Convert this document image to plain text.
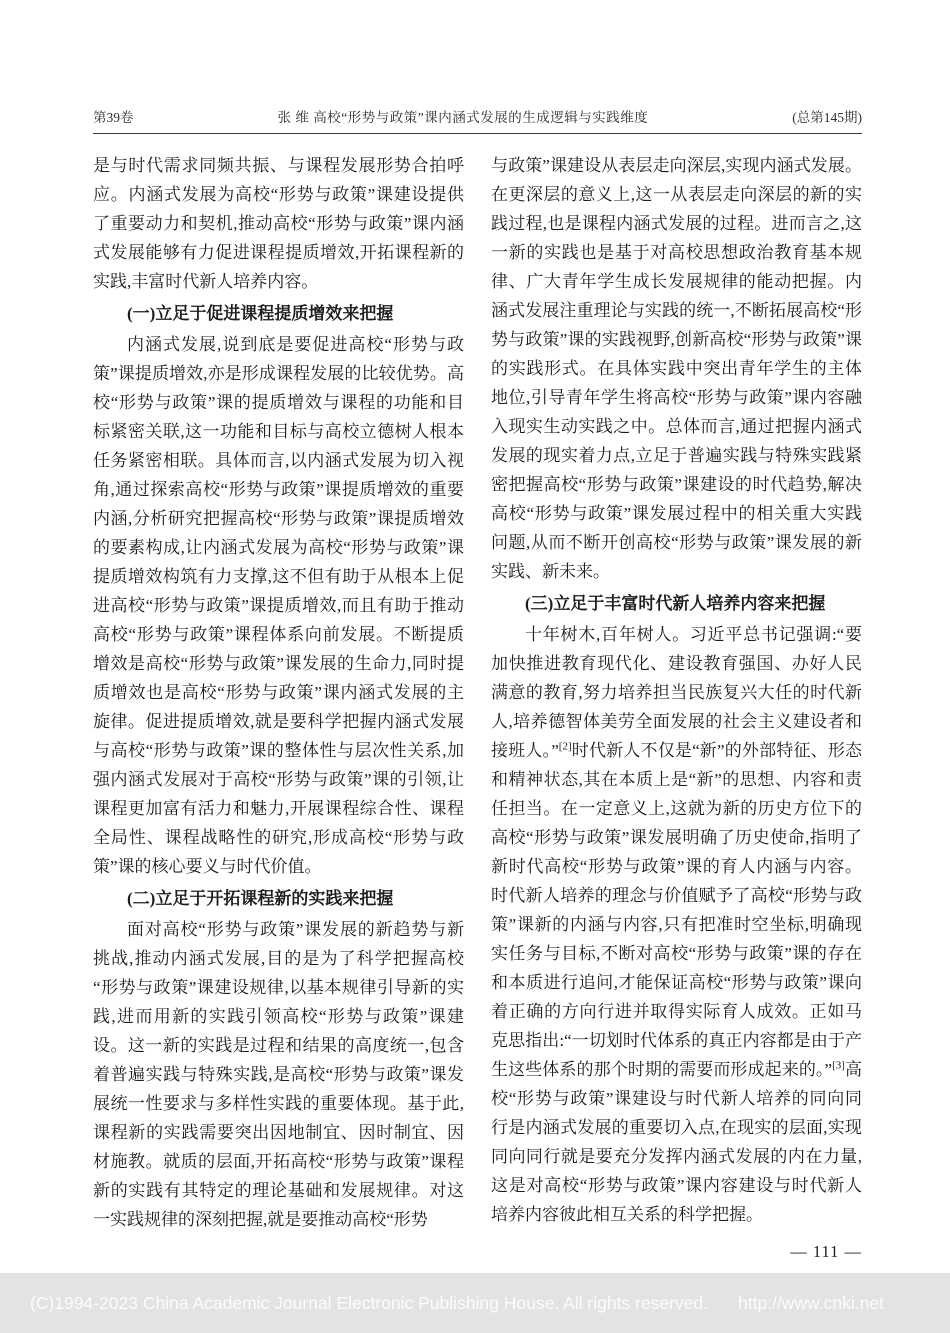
第39卷	张 维 高校“形势与政策”课内涵式发展的生成逻辑与实践维度	(总第145期)

是与时代需求同频共振、与课程发展形势合拍呼应。内涵式发展为高校“形势与政策”课建设提供了重要动力和契机,推动高校“形势与政策”课内涵式发展能够有力促进课程提质增效,开拓课程新的实践,丰富时代新人培养内容。

(一)立足于促进课程提质增效来把握

内涵式发展,说到底是要促进高校“形势与政策”课提质增效,亦是形成课程发展的比较优势。高校“形势与政策”课的提质增效与课程的功能和目标紧密关联,这一功能和目标与高校立德树人根本任务紧密相联。具体而言,以内涵式发展为切入视角,通过探索高校“形势与政策”课提质增效的重要内涵,分析研究把握高校“形势与政策”课提质增效的要素构成,让内涵式发展为高校“形势与政策”课提质增效构筑有力支撑,这不但有助于从根本上促进高校“形势与政策”课提质增效,而且有助于推动高校“形势与政策”课程体系向前发展。不断提质增效是高校“形势与政策”课发展的生命力,同时提质增效也是高校“形势与政策”课内涵式发展的主旋律。促进提质增效,就是要科学把握内涵式发展与高校“形势与政策”课的整体性与层次性关系,加强内涵式发展对于高校“形势与政策”课的引领,让课程更加富有活力和魅力,开展课程综合性、课程全局性、课程战略性的研究,形成高校“形势与政策”课的核心要义与时代价值。

(二)立足于开拓课程新的实践来把握

面对高校“形势与政策”课发展的新趋势与新挑战,推动内涵式发展,目的是为了科学把握高校“形势与政策”课建设规律,以基本规律引导新的实践,进而用新的实践引领高校“形势与政策”课建设。这一新的实践是过程和结果的高度统一,包含着普遍实践与特殊实践,是高校“形势与政策”课发展统一性要求与多样性实践的重要体现。基于此,课程新的实践需要突出因地制宜、因时制宜、因材施教。就质的层面,开拓高校“形势与政策”课程新的实践有其特定的理论基础和发展规律。对这一实践规律的深刻把握,就是要推动高校“形势

与政策”课建设从表层走向深层,实现内涵式发展。在更深层的意义上,这一从表层走向深层的新的实践过程,也是课程内涵式发展的过程。进而言之,这一新的实践也是基于对高校思想政治教育基本规律、广大青年学生成长发展规律的能动把握。内涵式发展注重理论与实践的统一,不断拓展高校“形势与政策”课的实践视野,创新高校“形势与政策”课的实践形式。在具体实践中突出青年学生的主体地位,引导青年学生将高校“形势与政策”课内容融入现实生动实践之中。总体而言,通过把握内涵式发展的现实着力点,立足于普遍实践与特殊实践紧密把握高校“形势与政策”课建设的时代趋势,解决高校“形势与政策”课发展过程中的相关重大实践问题,从而不断开创高校“形势与政策”课发展的新实践、新未来。

(三)立足于丰富时代新人培养内容来把握

十年树木,百年树人。习近平总书记强调:“要加快推进教育现代化、建设教育强国、办好人民满意的教育,努力培养担当民族复兴大任的时代新人,培养德智体美劳全面发展的社会主义建设者和接班人。”[2]时代新人不仅是“新”的外部特征、形态和精神状态,其在本质上是“新”的思想、内容和责任担当。在一定意义上,这就为新的历史方位下的高校“形势与政策”课发展明确了历史使命,指明了新时代高校“形势与政策”课的育人内涵与内容。时代新人培养的理念与价值赋予了高校“形势与政策”课新的内涵与内容,只有把准时空坐标,明确现实任务与目标,不断对高校“形势与政策”课的存在和本质进行追问,才能保证高校“形势与政策”课向着正确的方向行进并取得实际育人成效。正如马克思指出:“一切划时代体系的真正内容都是由于产生这些体系的那个时期的需要而形成起来的。”[3]高校“形势与政策”课建设与时代新人培养的同向同行是内涵式发展的重要切入点,在现实的层面,实现同向同行就是要充分发挥内涵式发展的内在力量,这是对高校“形势与政策”课内容建设与时代新人培养内容彼此相互关系的科学把握。

— 111 —
(C)1994-2023 China Academic Journal Electronic Publishing House. All rights reserved. http://www.cnki.net
